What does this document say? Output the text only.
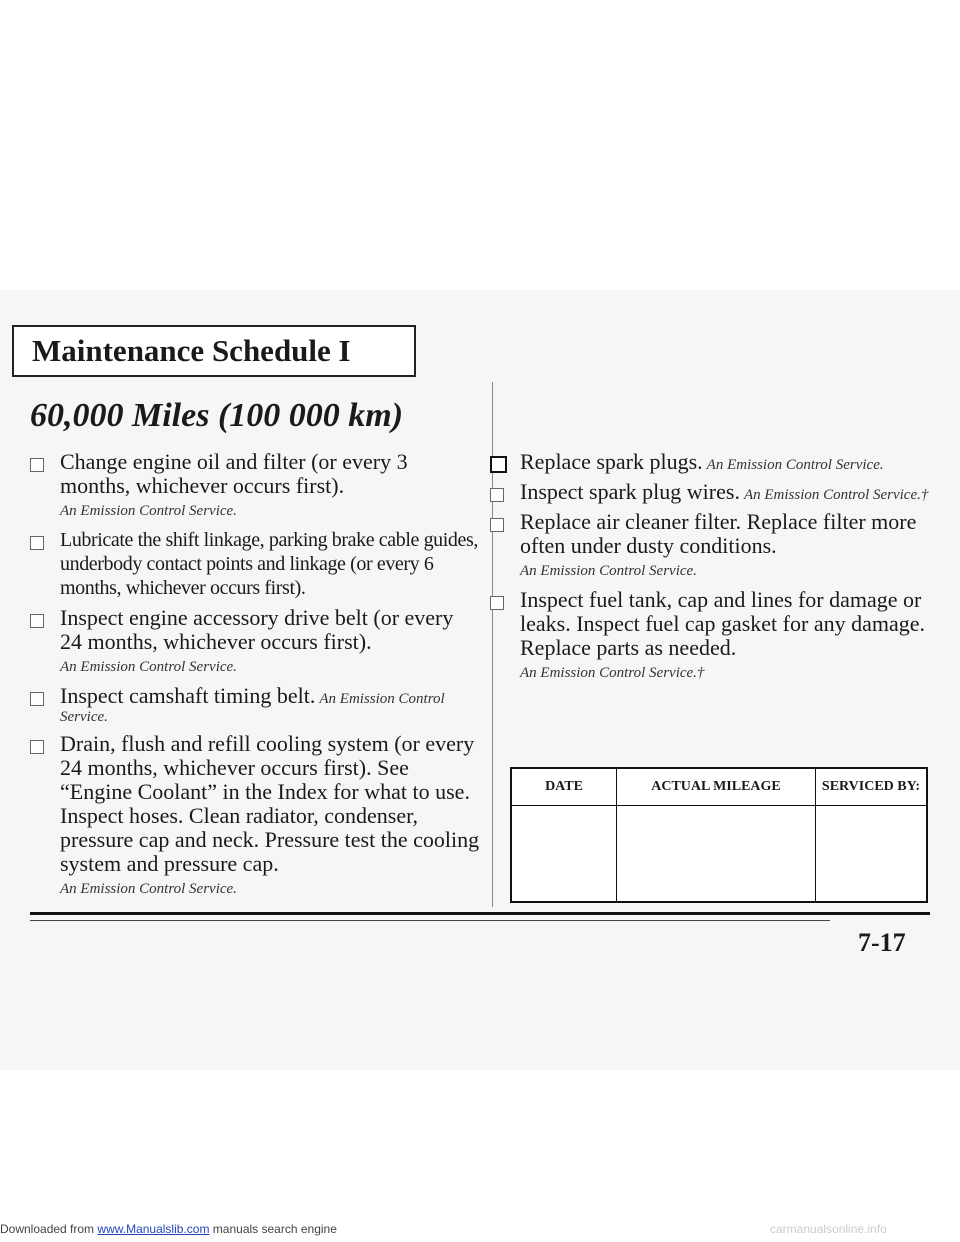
Maintenance Schedule I
60,000 Miles (100 000 km)
Change engine oil and filter (or every 3 months, whichever occurs first).
An Emission Control Service.
Lubricate the shift linkage, parking brake cable guides, underbody contact points and linkage (or every 6 months, whichever occurs first).
Inspect engine accessory drive belt (or every 24 months, whichever occurs first).
An Emission Control Service.
Inspect camshaft timing belt. An Emission Control Service.
Drain, flush and refill cooling system (or every 24 months, whichever occurs first). See “Engine Coolant” in the Index for what to use. Inspect hoses. Clean radiator, condenser, pressure cap and neck. Pressure test the cooling system and pressure cap.
An Emission Control Service.
Replace spark plugs. An Emission Control Service.
Inspect spark plug wires. An Emission Control Service.†
Replace air cleaner filter. Replace filter more often under dusty conditions.
An Emission Control Service.
Inspect fuel tank, cap and lines for damage or leaks. Inspect fuel cap gasket for any damage. Replace parts as needed.
An Emission Control Service.†
DATE	ACTUAL MILEAGE	SERVICED BY:

7-17
Downloaded from www.Manualslib.com manuals search engine	carmanualsonline.info
